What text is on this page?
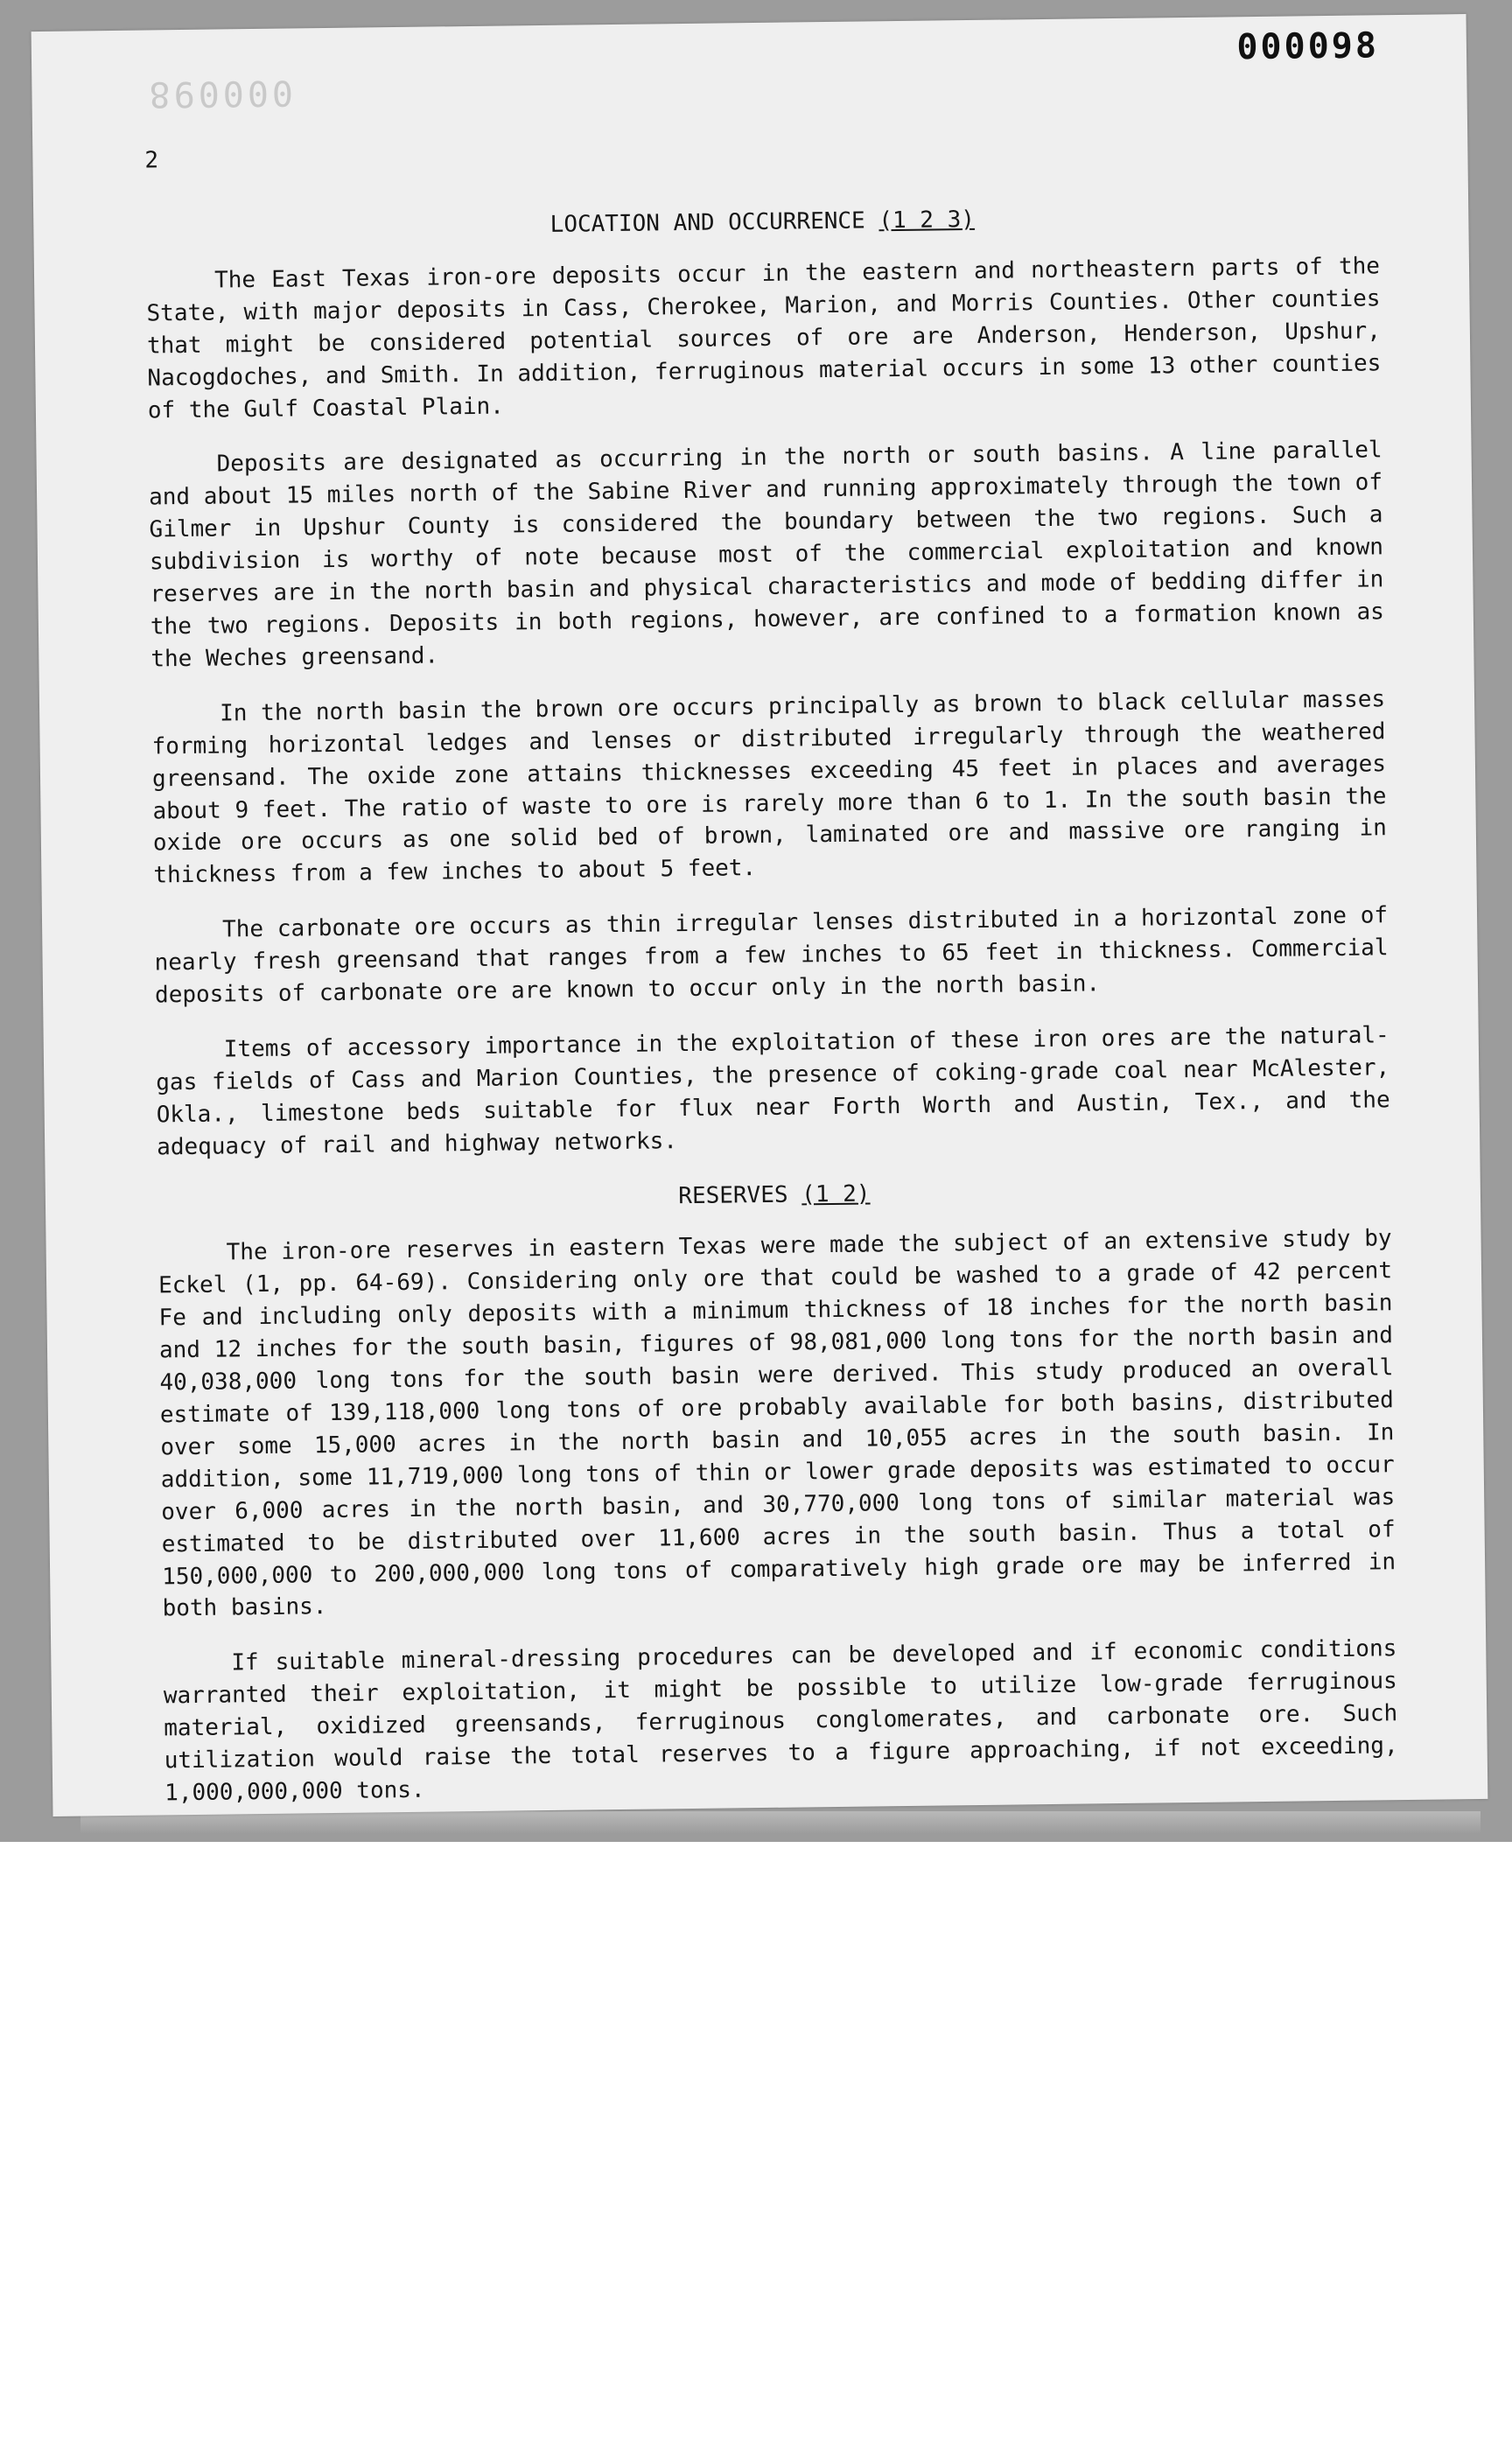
000098
000098
2
LOCATION AND OCCURRENCE (1 2 3)

The East Texas iron-ore deposits occur in the eastern and northeastern parts of the State, with major deposits in Cass, Cherokee, Marion, and Morris Counties. Other counties that might be considered potential sources of ore are Anderson, Henderson, Upshur, Nacogdoches, and Smith. In addition, ferruginous material occurs in some 13 other counties of the Gulf Coastal Plain.

Deposits are designated as occurring in the north or south basins. A line parallel and about 15 miles north of the Sabine River and running approximately through the town of Gilmer in Upshur County is considered the boundary between the two regions. Such a subdivision is worthy of note because most of the commercial exploitation and known reserves are in the north basin and physical characteristics and mode of bedding differ in the two regions. Deposits in both regions, however, are confined to a formation known as the Weches greensand.

In the north basin the brown ore occurs principally as brown to black cellular masses forming horizontal ledges and lenses or distributed irregularly through the weathered greensand. The oxide zone attains thicknesses exceeding 45 feet in places and averages about 9 feet. The ratio of waste to ore is rarely more than 6 to 1. In the south basin the oxide ore occurs as one solid bed of brown, laminated ore and massive ore ranging in thickness from a few inches to about 5 feet.

The carbonate ore occurs as thin irregular lenses distributed in a horizontal zone of nearly fresh greensand that ranges from a few inches to 65 feet in thickness. Commercial deposits of carbonate ore are known to occur only in the north basin.

Items of accessory importance in the exploitation of these iron ores are the natural-gas fields of Cass and Marion Counties, the presence of coking-grade coal near McAlester, Okla., limestone beds suitable for flux near Forth Worth and Austin, Tex., and the adequacy of rail and highway networks.

RESERVES (1 2)

The iron-ore reserves in eastern Texas were made the subject of an extensive study by Eckel (1, pp. 64-69). Considering only ore that could be washed to a grade of 42 percent Fe and including only deposits with a minimum thickness of 18 inches for the north basin and 12 inches for the south basin, figures of 98,081,000 long tons for the north basin and 40,038,000 long tons for the south basin were derived. This study produced an overall estimate of 139,118,000 long tons of ore probably available for both basins, distributed over some 15,000 acres in the north basin and 10,055 acres in the south basin. In addition, some 11,719,000 long tons of thin or lower grade deposits was estimated to occur over 6,000 acres in the north basin, and 30,770,000 long tons of similar material was estimated to be distributed over 11,600 acres in the south basin. Thus a total of 150,000,000 to 200,000,000 long tons of comparatively high grade ore may be inferred in both basins.

If suitable mineral-dressing procedures can be developed and if economic conditions warranted their exploitation, it might be possible to utilize low-grade ferruginous material, oxidized greensands, ferruginous conglomerates, and carbonate ore. Such utilization would raise the total reserves to a figure approaching, if not exceeding, 1,000,000,000 tons.
